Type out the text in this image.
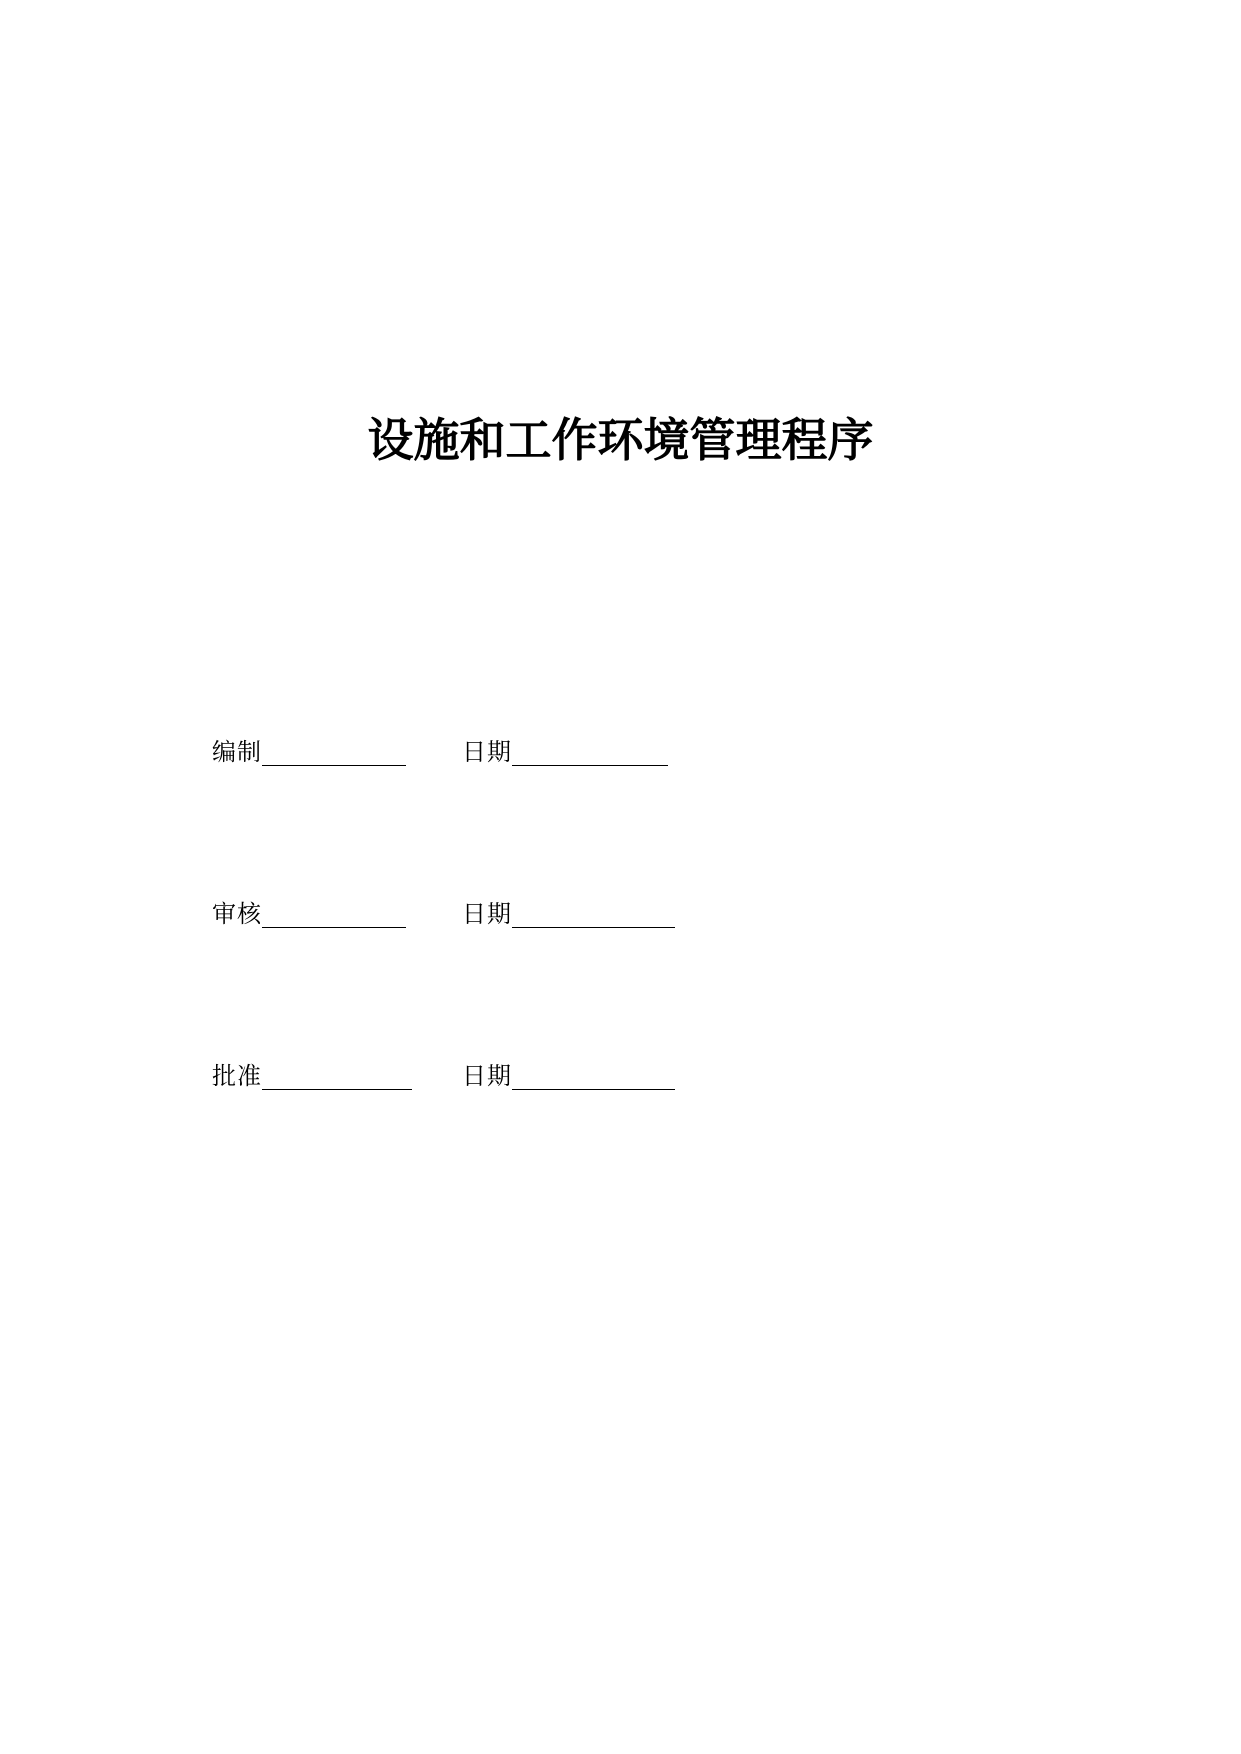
设施和工作环境管理程序
编制	日期
审核	日期
批准	日期
